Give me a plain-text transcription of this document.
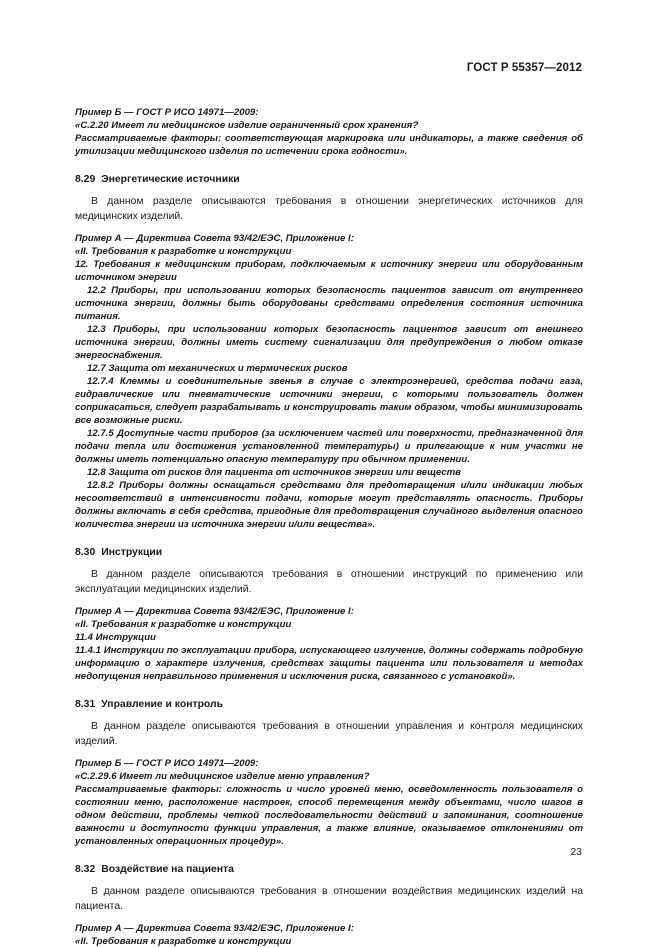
ГОСТ Р 55357—2012

Пример Б — ГОСТ Р ИСО 14971—2009:

«С.2.20 Имеет ли медицинское изделие ограниченный срок хранения?

Рассматриваемые факторы: соответствующая маркировка или индикаторы, а также сведения об утилизации медицинского изделия по истечении срока годности».

8.29 Энергетические источники

В данном разделе описываются требования в отношении энергетических источников для медицинских изделий.

Пример А — Директива Совета 93/42/ЕЭС, Приложение I:

«II. Требования к разработке и конструкции

12. Требования к медицинским приборам, подключаемым к источнику энергии или оборудованным источником энергии

12.2 Приборы, при использовании которых безопасность пациентов зависит от внутреннего источника энергии, должны быть оборудованы средствами определения состояния источника питания.

12.3 Приборы, при использовании которых безопасность пациентов зависит от внешнего источника энергии, должны иметь систему сигнализации для предупреждения о любом отказе энергоснабжения.

12.7 Защита от механических и термических рисков

12.7.4 Клеммы и соединительные звенья в случае с электроэнергией, средства подачи газа, гидравлические или пневматические источники энергии, с которыми пользователь должен соприкасаться, следует разрабатывать и конструировать таким образом, чтобы минимизировать все возможные риски.

12.7.5 Доступные части приборов (за исключением частей или поверхности, предназначенной для подачи тепла или достижения установленной температуры) и прилегающие к ним участки не должны иметь потенциально опасную температуру при обычном применении.

12.8 Защита от рисков для пациента от источников энергии или веществ

12.8.2 Приборы должны оснащаться средствами для предотвращения и/или индикации любых несоответствий в интенсивности подачи, которые могут представлять опасность. Приборы должны включать в себя средства, пригодные для предотвращения случайного выделения опасного количества энергии из источника энергии и/или вещества».

8.30 Инструкции

В данном разделе описываются требования в отношении инструкций по применению или эксплуатации медицинских изделий.

Пример А — Директива Совета 93/42/ЕЭС, Приложение I:

«II. Требования к разработке и конструкции

11.4 Инструкции

11.4.1 Инструкции по эксплуатации прибора, испускающего излучение, должны содержать подробную информацию о характере излучения, средствах защиты пациента или пользователя и методах недопущения неправильного применения и исключения риска, связанного с установкой».

8.31 Управление и контроль

В данном разделе описываются требования в отношении управления и контроля медицинских изделий.

Пример Б — ГОСТ Р ИСО 14971—2009:

«С.2.29.6 Имеет ли медицинское изделие меню управления?

Рассматриваемые факторы: сложность и число уровней меню, осведомленность пользователя о состоянии меню, расположение настроек, способ перемещения между объектами, число шагов в одном действии, проблемы четкой последовательности действий и запоминания, соотношение важности и доступности функции управления, а также влияние, оказываемое отклонениями от установленных операционных процедур».

8.32 Воздействие на пациента

В данном разделе описываются требования в отношении воздействия медицинских изделий на пациента.

Пример А — Директива Совета 93/42/ЕЭС, Приложение I:

«II. Требования к разработке и конструкции

23
